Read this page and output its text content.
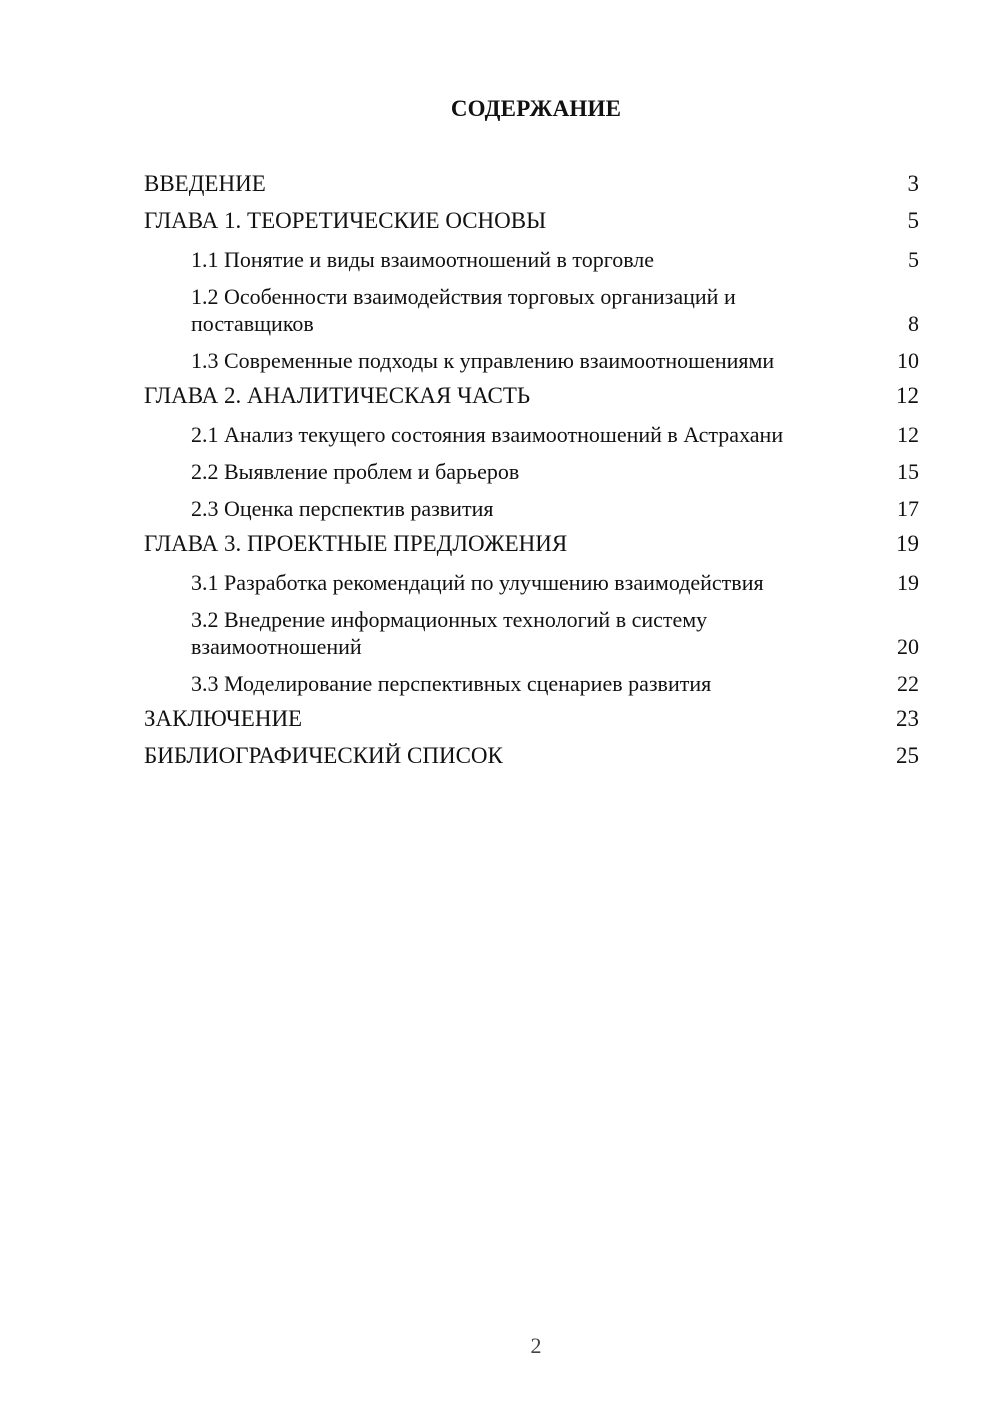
СОДЕРЖАНИЕ
ВВЕДЕНИЕ	3
ГЛАВА 1. ТЕОРЕТИЧЕСКИЕ ОСНОВЫ	5
1.1 Понятие и виды взаимоотношений в торговле	5
1.2 Особенности взаимодействия торговых организаций и поставщиков	8
1.3 Современные подходы к управлению взаимоотношениями	10
ГЛАВА 2. АНАЛИТИЧЕСКАЯ ЧАСТЬ	12
2.1 Анализ текущего состояния взаимоотношений в Астрахани	12
2.2 Выявление проблем и барьеров	15
2.3 Оценка перспектив развития	17
ГЛАВА 3. ПРОЕКТНЫЕ ПРЕДЛОЖЕНИЯ	19
3.1 Разработка рекомендаций по улучшению взаимодействия	19
3.2 Внедрение информационных технологий в систему взаимоотношений	20
3.3 Моделирование перспективных сценариев развития	22
ЗАКЛЮЧЕНИЕ	23
БИБЛИОГРАФИЧЕСКИЙ СПИСОК	25
2
